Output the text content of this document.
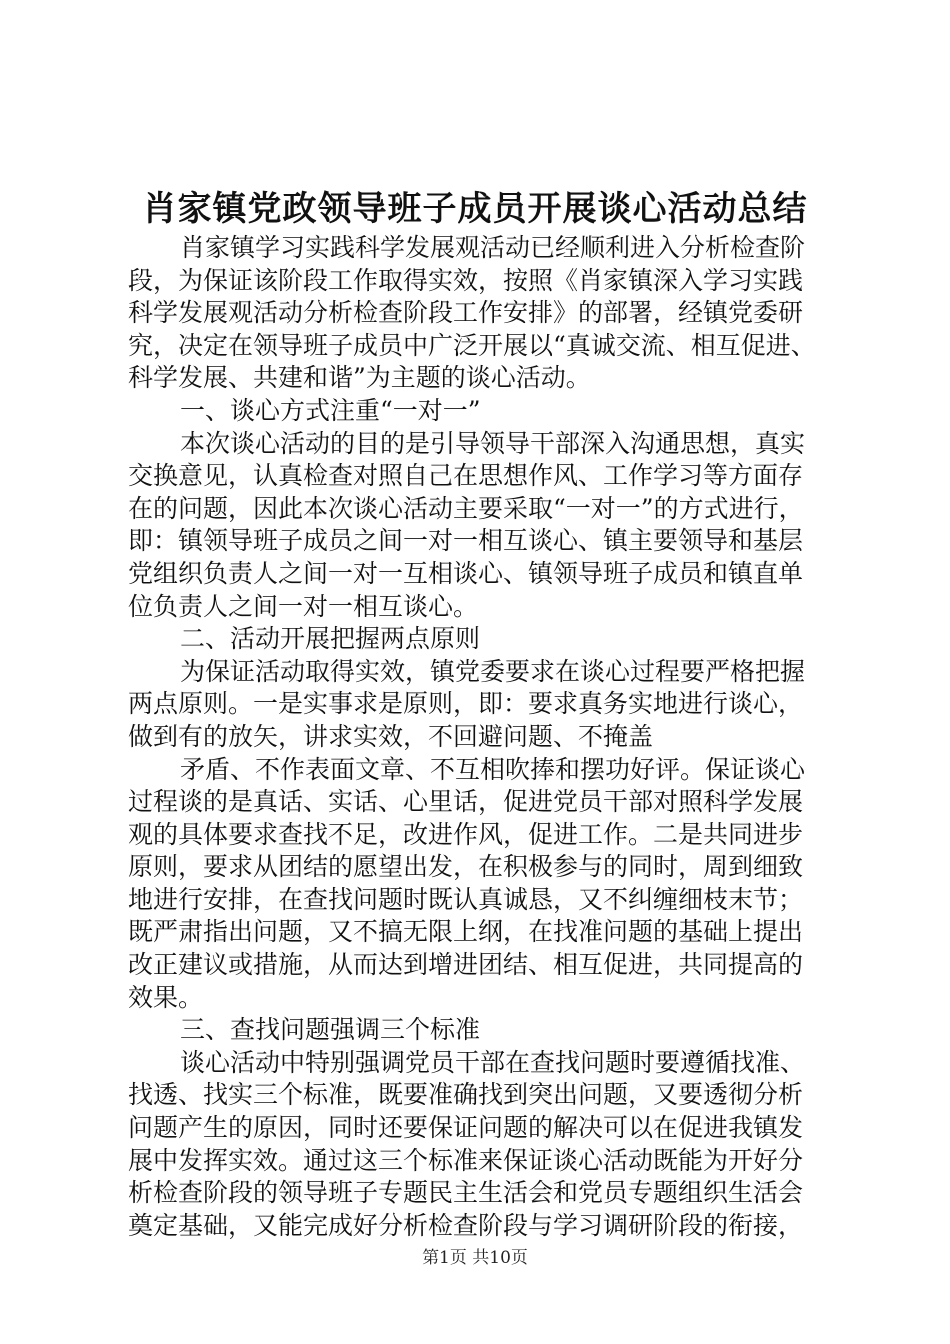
肖家镇党政领导班子成员开展谈心活动总结
肖家镇学习实践科学发展观活动已经顺利进入分析检查阶
段，为保证该阶段工作取得实效，按照《肖家镇深入学习实践
科学发展观活动分析检查阶段工作安排》的部署，经镇党委研
究，决定在领导班子成员中广泛开展以“真诚交流、相互促进、
科学发展、共建和谐”为主题的谈心活动。
一、谈心方式注重“一对一”
本次谈心活动的目的是引导领导干部深入沟通思想，真实
交换意见，认真检查对照自己在思想作风、工作学习等方面存
在的问题，因此本次谈心活动主要采取“一对一”的方式进行，
即：镇领导班子成员之间一对一相互谈心、镇主要领导和基层
党组织负责人之间一对一互相谈心、镇领导班子成员和镇直单
位负责人之间一对一相互谈心。
二、活动开展把握两点原则
为保证活动取得实效，镇党委要求在谈心过程要严格把握
两点原则。一是实事求是原则，即：要求真务实地进行谈心，
做到有的放矢，讲求实效，不回避问题、不掩盖
矛盾、不作表面文章、不互相吹捧和摆功好评。保证谈心
过程谈的是真话、实话、心里话，促进党员干部对照科学发展
观的具体要求查找不足，改进作风，促进工作。二是共同进步
原则，要求从团结的愿望出发，在积极参与的同时，周到细致
地进行安排，在查找问题时既认真诚恳，又不纠缠细枝末节；
既严肃指出问题，又不搞无限上纲，在找准问题的基础上提出
改正建议或措施，从而达到增进团结、相互促进，共同提高的
效果。
三、查找问题强调三个标准
谈心活动中特别强调党员干部在查找问题时要遵循找准、
找透、找实三个标准，既要准确找到突出问题，又要透彻分析
问题产生的原因，同时还要保证问题的解决可以在促进我镇发
展中发挥实效。通过这三个标准来保证谈心活动既能为开好分
析检查阶段的领导班子专题民主生活会和党员专题组织生活会
奠定基础，又能完成好分析检查阶段与学习调研阶段的衔接，
第1页 共10页
